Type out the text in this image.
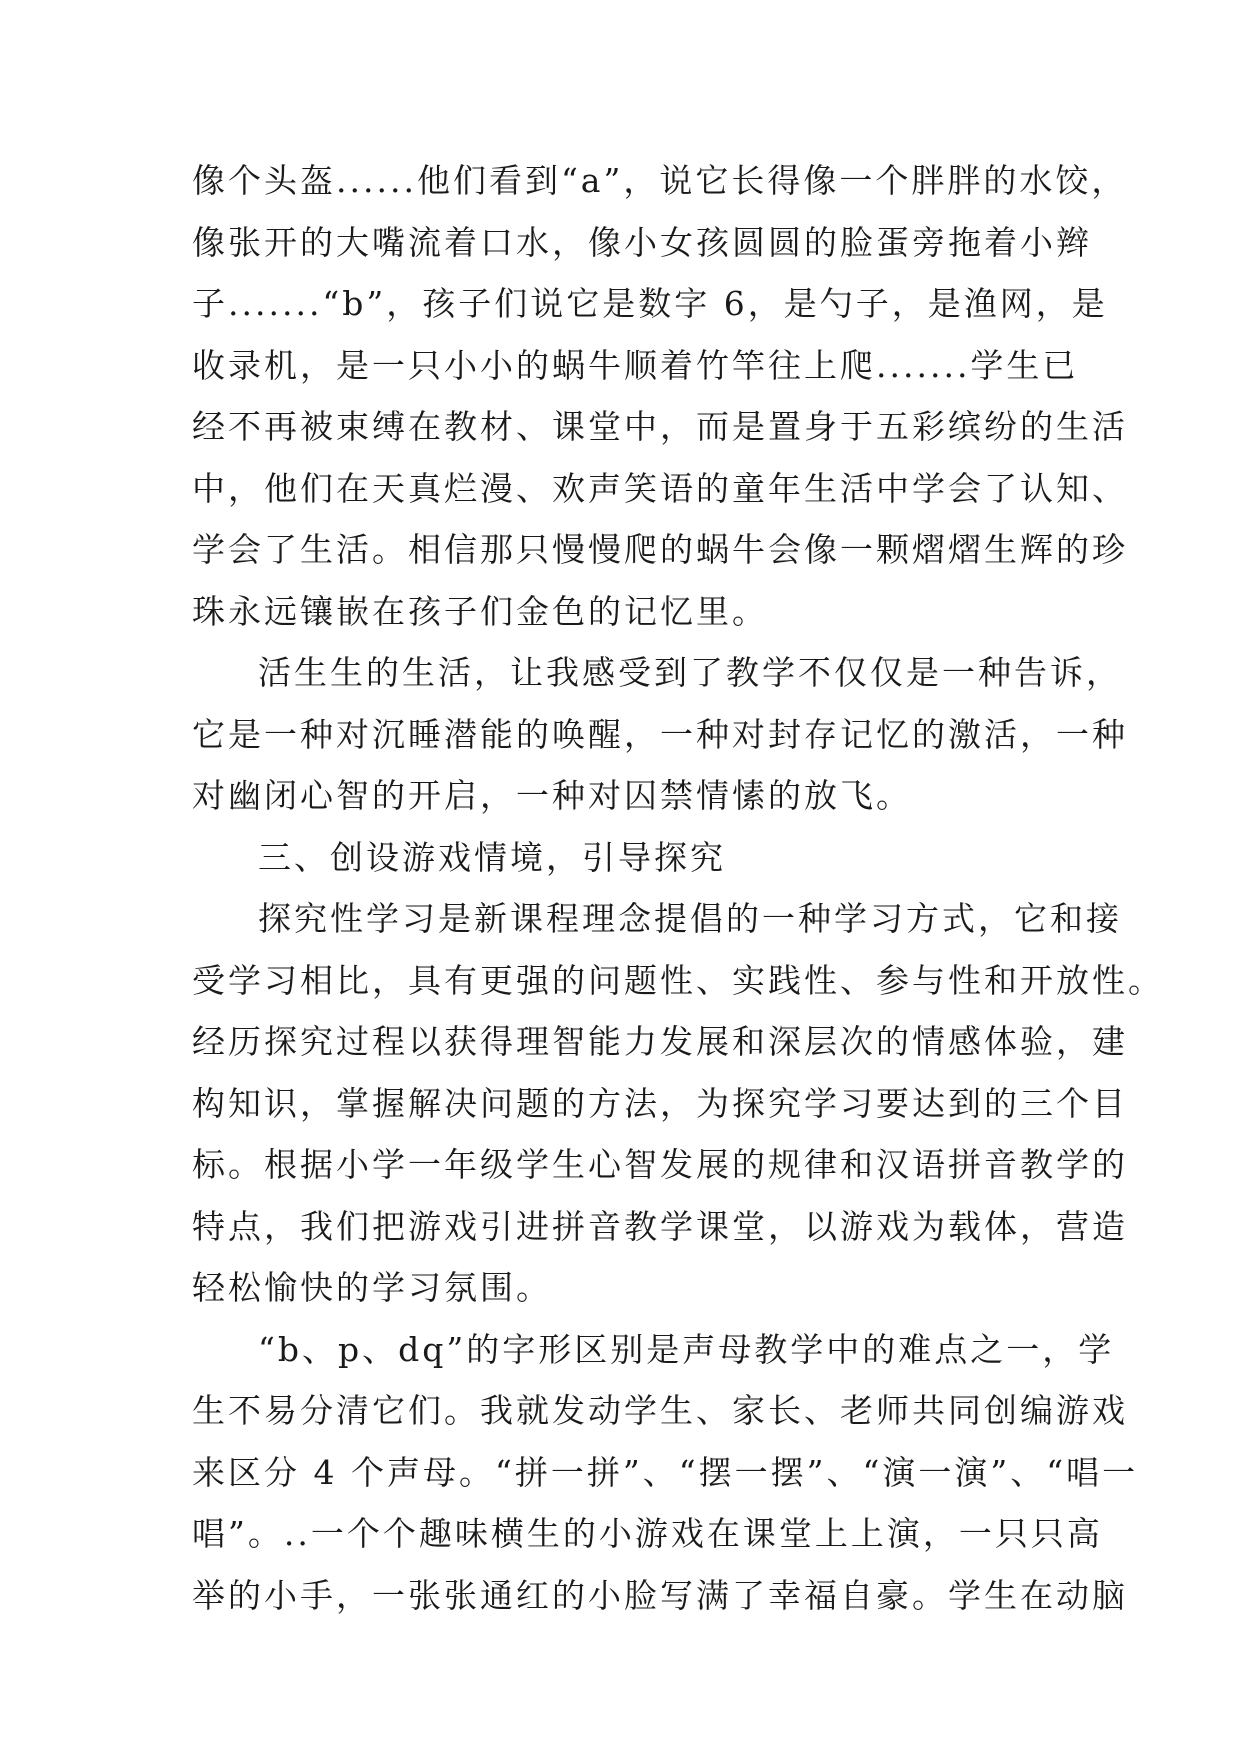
像个头盔......他们看到“a”，说它长得像一个胖胖的水饺，
像张开的大嘴流着口水，像小女孩圆圆的脸蛋旁拖着小辫
子.......“b”，孩子们说它是数字 6，是勺子，是渔网，是
收录机，是一只小小的蜗牛顺着竹竿往上爬.......学生已
经不再被束缚在教材、课堂中，而是置身于五彩缤纷的生活
中，他们在天真烂漫、欢声笑语的童年生活中学会了认知、
学会了生活。相信那只慢慢爬的蜗牛会像一颗熠熠生辉的珍
珠永远镶嵌在孩子们金色的记忆里。
活生生的生活，让我感受到了教学不仅仅是一种告诉，
它是一种对沉睡潜能的唤醒，一种对封存记忆的激活，一种
对幽闭心智的开启，一种对囚禁情愫的放飞。
三、创设游戏情境，引导探究
探究性学习是新课程理念提倡的一种学习方式，它和接
受学习相比，具有更强的问题性、实践性、参与性和开放性。
经历探究过程以获得理智能力发展和深层次的情感体验，建
构知识，掌握解决问题的方法，为探究学习要达到的三个目
标。根据小学一年级学生心智发展的规律和汉语拼音教学的
特点，我们把游戏引进拼音教学课堂，以游戏为载体，营造
轻松愉快的学习氛围。
“b、p、dq”的字形区别是声母教学中的难点之一，学
生不易分清它们。我就发动学生、家长、老师共同创编游戏
来区分 4 个声母。“拼一拼”、“摆一摆”、“演一演”、“唱一
唱”。..一个个趣味横生的小游戏在课堂上上演，一只只高
举的小手，一张张通红的小脸写满了幸福自豪。学生在动脑
